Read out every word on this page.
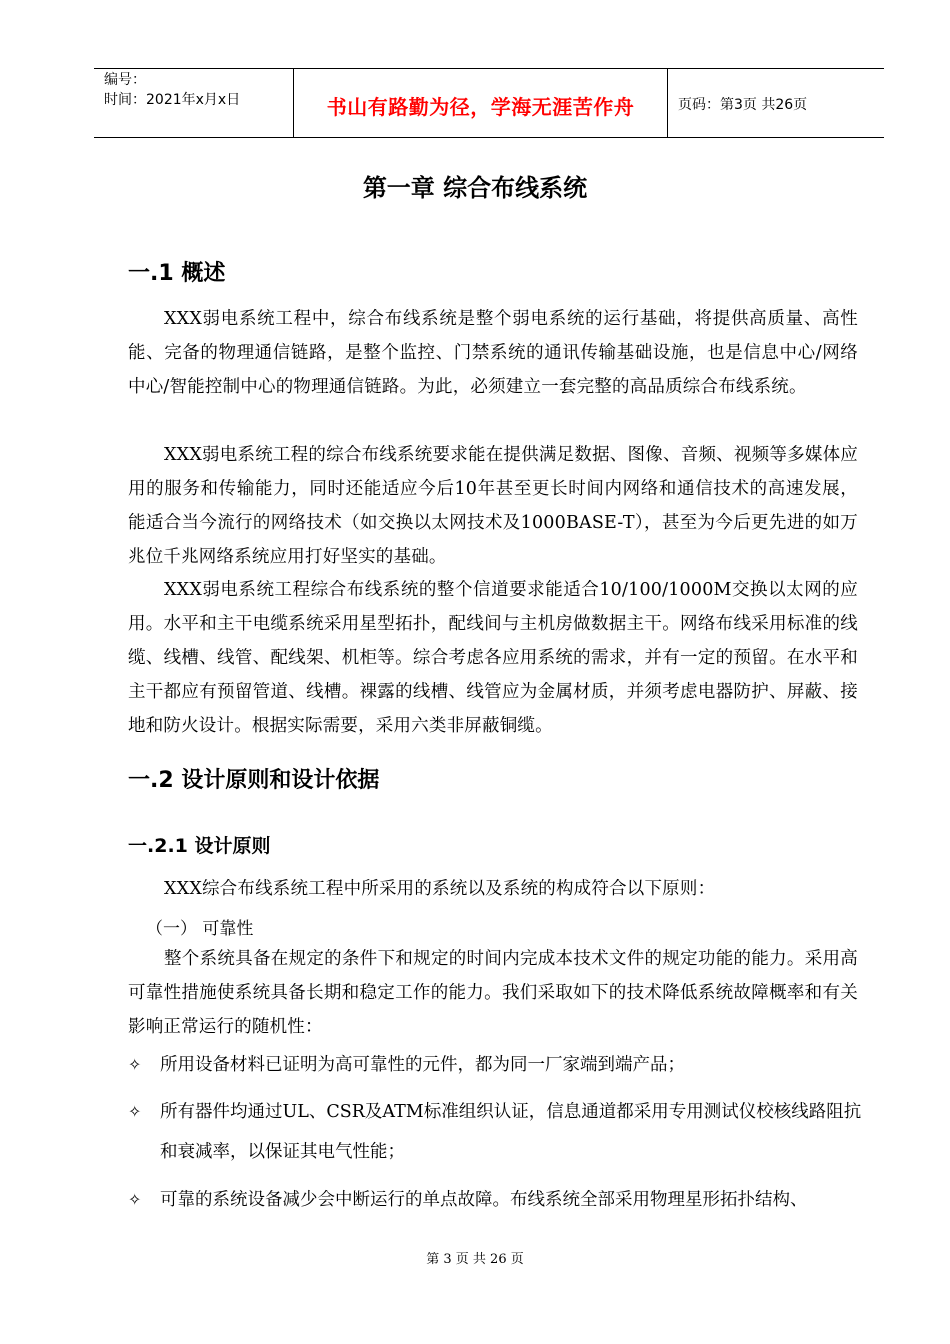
编号：
时间：2021年x月x日	书山有路勤为径，学海无涯苦作舟	页码：第3页 共26页
第一章 综合布线系统
一.1 概述
XXX弱电系统工程中，综合布线系统是整个弱电系统的运行基础，将提供高质量、高性能、完备的物理通信链路，是整个监控、门禁系统的通讯传输基础设施，也是信息中心/网络中心/智能控制中心的物理通信链路。为此，必须建立一套完整的高品质综合布线系统。
XXX弱电系统工程的综合布线系统要求能在提供满足数据、图像、音频、视频等多媒体应用的服务和传输能力，同时还能适应今后10年甚至更长时间内网络和通信技术的高速发展，能适合当今流行的网络技术（如交换以太网技术及1000BASE-T），甚至为今后更先进的如万兆位千兆网络系统应用打好坚实的基础。
XXX弱电系统工程综合布线系统的整个信道要求能适合10/100/1000M交换以太网的应用。水平和主干电缆系统采用星型拓扑，配线间与主机房做数据主干。网络布线采用标准的线缆、线槽、线管、配线架、机柜等。综合考虑各应用系统的需求，并有一定的预留。在水平和主干都应有预留管道、线槽。裸露的线槽、线管应为金属材质，并须考虑电器防护、屏蔽、接地和防火设计。根据实际需要，采用六类非屏蔽铜缆。
一.2 设计原则和设计依据
一.2.1 设计原则
XXX综合布线系统工程中所采用的系统以及系统的构成符合以下原则：
（一） 可靠性
整个系统具备在规定的条件下和规定的时间内完成本技术文件的规定功能的能力。采用高可靠性措施使系统具备长期和稳定工作的能力。我们采取如下的技术降低系统故障概率和有关影响正常运行的随机性：
✧	所用设备材料已证明为高可靠性的元件，都为同一厂家端到端产品；
✧	所有器件均通过UL、CSR及ATM标准组织认证，信息通道都采用专用测试仪校核线路阻抗和衰减率，以保证其电气性能；
✧	可靠的系统设备减少会中断运行的单点故障。布线系统全部采用物理星形拓扑结构、
第 3 页 共 26 页
